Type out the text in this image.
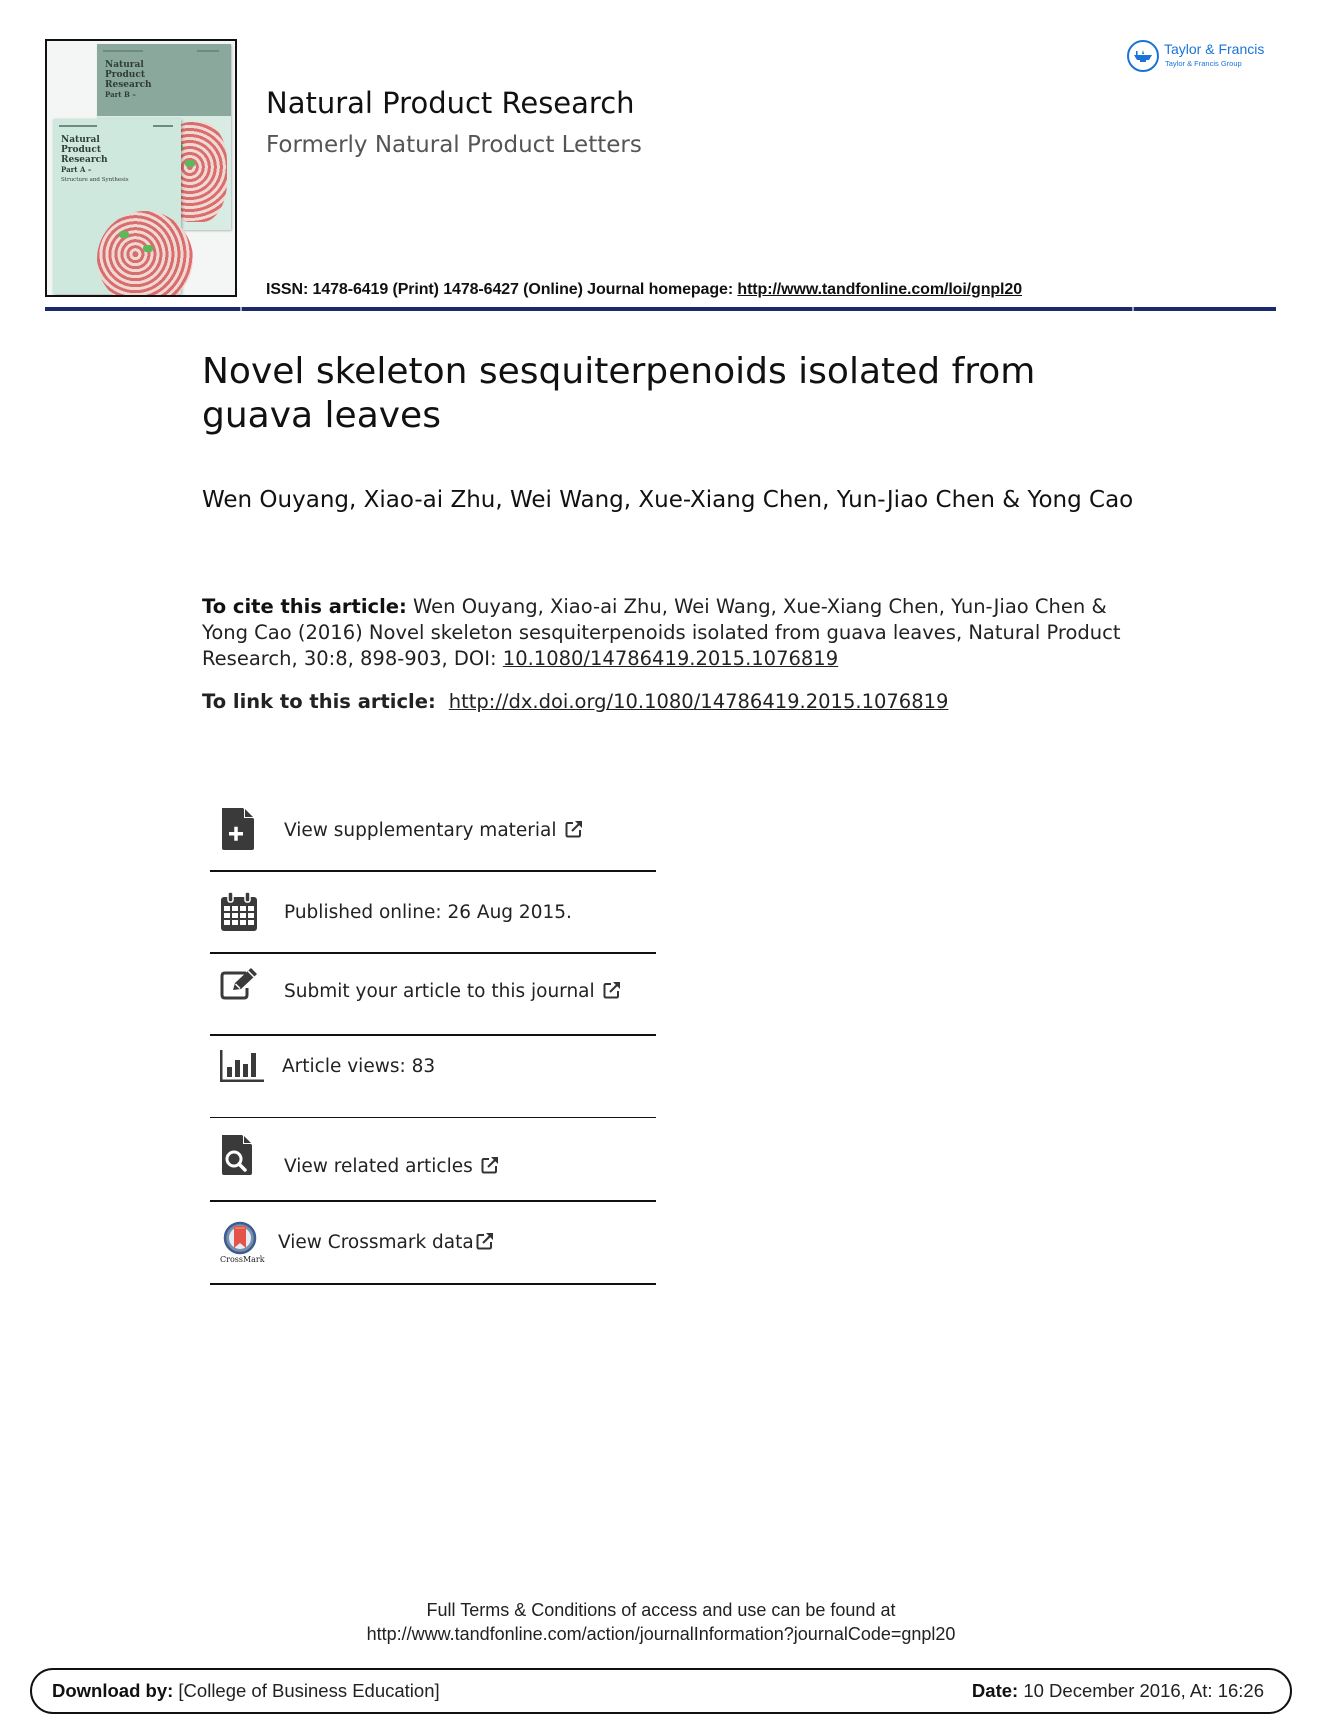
Natural
Product
Research
Part B –
Natural
Product
Research
Part A –
Structure and Synthesis
Natural Product Research
Formerly Natural Product Letters
ISSN: 1478-6419 (Print) 1478-6427 (Online) Journal homepage: http://www.tandfonline.com/loi/gnpl20
Taylor & Francis
Taylor & Francis Group
Novel skeleton sesquiterpenoids isolated from guava leaves
Wen Ouyang, Xiao-ai Zhu, Wei Wang, Xue-Xiang Chen, Yun-Jiao Chen & Yong Cao
To cite this article: Wen Ouyang, Xiao-ai Zhu, Wei Wang, Xue-Xiang Chen, Yun-Jiao Chen & Yong Cao (2016) Novel skeleton sesquiterpenoids isolated from guava leaves, Natural Product Research, 30:8, 898-903, DOI: 10.1080/14786419.2015.1076819
To link to this article:  http://dx.doi.org/10.1080/14786419.2015.1076819
View supplementary material
Published online: 26 Aug 2015.
Submit your article to this journal
Article views: 83
View related articles
CrossMark
View Crossmark data
Full Terms & Conditions of access and use can be found at
http://www.tandfonline.com/action/journalInformation?journalCode=gnpl20
Download by: [College of Business Education]	Date: 10 December 2016, At: 16:26
